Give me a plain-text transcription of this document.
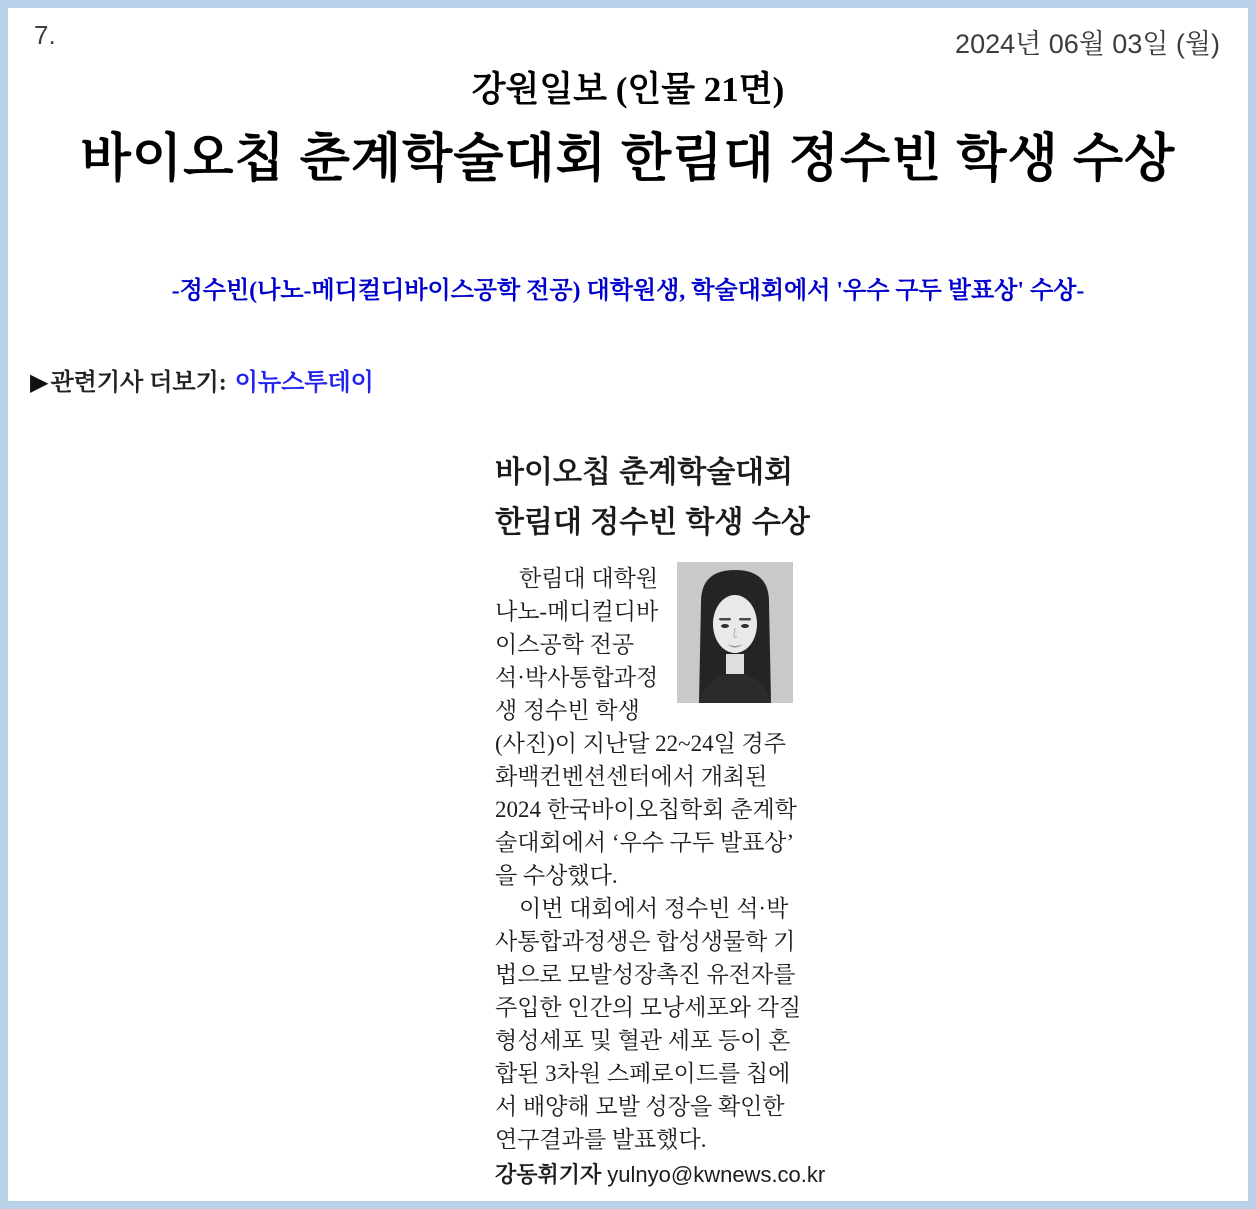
7.	2024년 06월 03일 (월)
강원일보 (인물 21면)
바이오칩 춘계학술대회 한림대 정수빈 학생 수상
-정수빈(나노-메디컬디바이스공학 전공) 대학원생, 학술대회에서 '우수 구두 발표상' 수상-
▶관련기사 더보기: 이뉴스투데이
바이오칩 춘계학술대회
한림대 정수빈 학생 수상
한림대 대학원
나노-메디컬디바
이스공학 전공
석·박사통합과정
생 정수빈 학생
(사진)이 지난달 22~24일 경주
화백컨벤션센터에서 개최된
2024 한국바이오칩학회 춘계학
술대회에서 ‘우수 구두 발표상’
을 수상했다.
이번 대회에서 정수빈 석·박
사통합과정생은 합성생물학 기
법으로 모발성장촉진 유전자를
주입한 인간의 모낭세포와 각질
형성세포 및 혈관 세포 등이 혼
합된 3차원 스페로이드를 칩에
서 배양해 모발 성장을 확인한
연구결과를 발표했다.
강동휘기자 yulnyo@kwnews.co.kr
